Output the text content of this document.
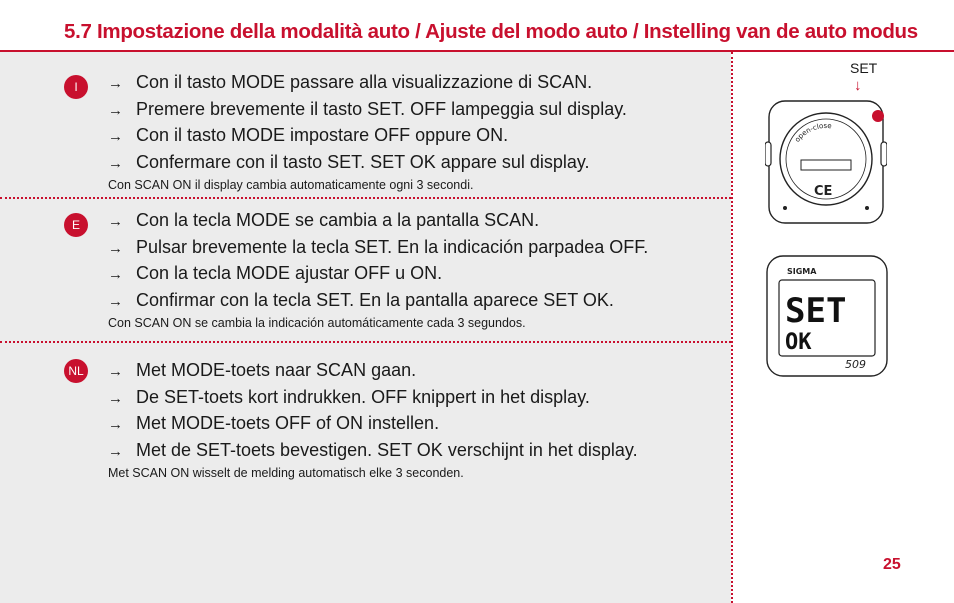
5.7 Impostazione della modalità auto / Ajuste del modo auto / Instelling van de auto modus
I	→ Con il tasto MODE passare alla visualizzazione di SCAN.
→ Premere brevemente il tasto SET. OFF lampeggia sul display.
→ Con il tasto MODE impostare OFF oppure ON.
→ Confermare con il tasto SET. SET OK appare sul display.
Con SCAN ON il display cambia automaticamente ogni 3 secondi.
E	→ Con la tecla MODE se cambia a la pantalla SCAN.
→ Pulsar brevemente la tecla SET. En la indicación parpadea OFF.
→ Con la tecla MODE ajustar OFF u ON.
→ Confirmar con la tecla SET. En la pantalla aparece SET OK.
Con SCAN ON se cambia la indicación automáticamente cada 3 segundos.
NL → Met MODE-toets naar SCAN gaan.
→ De SET-toets kort indrukken. OFF knippert in het display.
→ Met MODE-toets OFF of ON instellen.
→ Met de SET-toets bevestigen. SET OK verschijnt in het display.
Met SCAN ON wisselt de melding automatisch elke 3 seconden.
SET
↓
open-close
CE
SIGMA
SET
OK
509
25
